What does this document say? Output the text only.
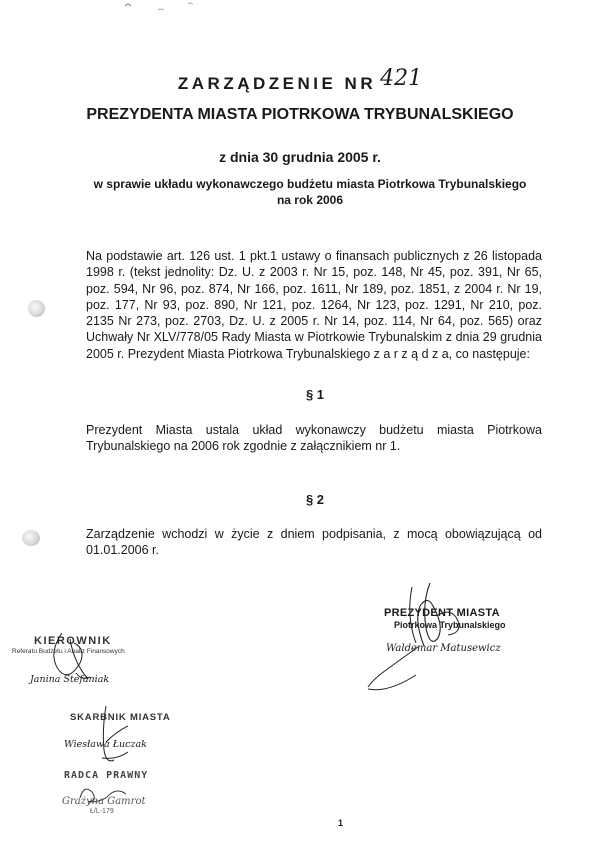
ZARZĄDZENIE NR 421
PREZYDENTA MIASTA PIOTRKOWA TRYBUNALSKIEGO
z dnia 30 grudnia 2005 r.
w sprawie układu wykonawczego budżetu miasta Piotrkowa Trybunalskiego
na rok 2006
Na podstawie art. 126 ust. 1 pkt.1 ustawy o finansach publicznych z 26 listopada 1998 r. (tekst jednolity: Dz. U. z 2003 r. Nr 15, poz. 148, Nr 45, poz. 391, Nr 65, poz. 594, Nr 96, poz. 874, Nr 166, poz. 1611, Nr 189, poz. 1851, z 2004 r. Nr 19, poz. 177, Nr 93, poz. 890, Nr 121, poz. 1264, Nr 123, poz. 1291, Nr 210, poz. 2135 Nr 273, poz. 2703, Dz. U. z 2005 r. Nr 14, poz. 114, Nr 64, poz. 565) oraz Uchwały Nr XLV/778/05 Rady Miasta w Piotrkowie Trybunalskim z dnia 29 grudnia 2005 r. Prezydent Miasta Piotrkowa Trybunalskiego z a r z ą d z a, co następuje:
§ 1
Prezydent Miasta ustala układ wykonawczy budżetu miasta Piotrkowa Trybunalskiego na 2006 rok zgodnie z załącznikiem nr 1.
§ 2
Zarządzenie wchodzi w życie z dniem podpisania, z mocą obowiązującą od 01.01.2006 r.
PREZYDENT MIASTA
Piotrkowa Trybunalskiego
Waldemar Matusewicz
KIEROWNIK
Referatu Budżetu i Analiz Finansowych
Janina Stefaniak
SKARBNIK MIASTA
Wiesława Łuczak
RADCA PRAWNY
Grażyna Gamrot
Ł/L-179
1
